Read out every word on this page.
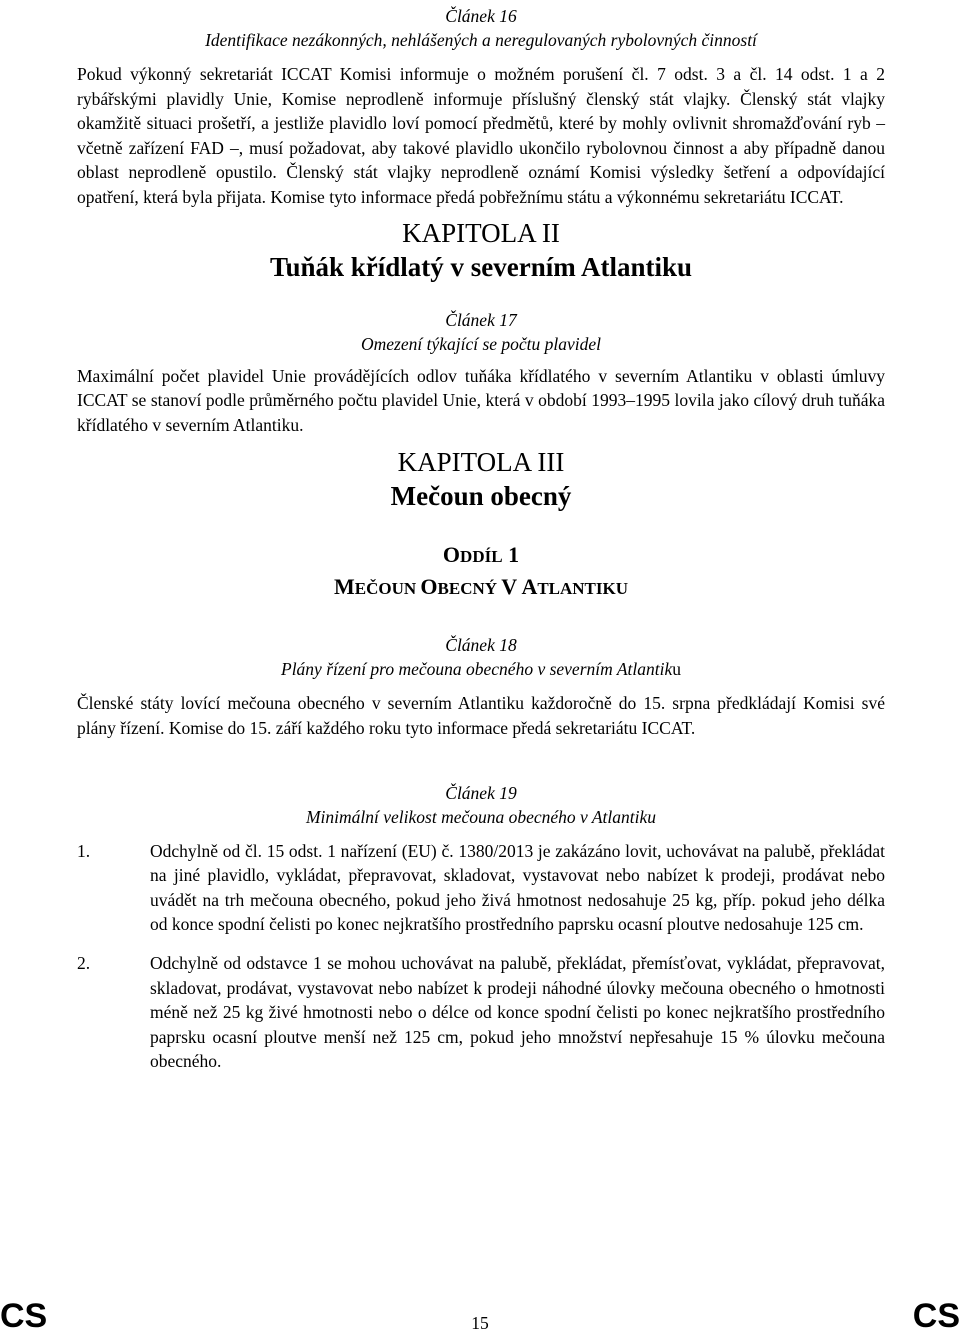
Článek 16
Identifikace nezákonných, nehlášených a neregulovaných rybolovných činností

Pokud výkonný sekretariát ICCAT Komisi informuje o možném porušení čl. 7 odst. 3 a čl. 14 odst. 1 a 2 rybářskými plavidly Unie, Komise neprodleně informuje příslušný členský stát vlajky. Členský stát vlajky okamžitě situaci prošetří, a jestliže plavidlo loví pomocí předmětů, které by mohly ovlivnit shromažďování ryb – včetně zařízení FAD –, musí požadovat, aby takové plavidlo ukončilo rybolovnou činnost a aby případně danou oblast neprodleně opustilo. Členský stát vlajky neprodleně oznámí Komisi výsledky šetření a odpovídající opatření, která byla přijata. Komise tyto informace předá pobřežnímu státu a výkonnému sekretariátu ICCAT.

KAPITOLA II
Tuňák křídlatý v severním Atlantiku
Článek 17
Omezení týkající se počtu plavidel

Maximální počet plavidel Unie provádějících odlov tuňáka křídlatého v severním Atlantiku v oblasti úmluvy ICCAT se stanoví podle průměrného počtu plavidel Unie, která v období 1993–1995 lovila jako cílový druh tuňáka křídlatého v severním Atlantiku.

KAPITOLA III
Mečoun obecný
ODDÍL 1
MEČOUN OBECNÝ V ATLANTIKU
Článek 18
Plány řízení pro mečouna obecného v severním Atlantiku

Členské státy lovící mečouna obecného v severním Atlantiku každoročně do 15. srpna předkládají Komisi své plány řízení. Komise do 15. září každého roku tyto informace předá sekretariátu ICCAT.

Článek 19
Minimální velikost mečouna obecného v Atlantiku
1.	Odchylně od čl. 15 odst. 1 nařízení (EU) č. 1380/2013 je zakázáno lovit, uchovávat na palubě, překládat na jiné plavidlo, vykládat, přepravovat, skladovat, vystavovat nebo nabízet k prodeji, prodávat nebo uvádět na trh mečouna obecného, pokud jeho živá hmotnost nedosahuje 25 kg, příp. pokud jeho délka od konce spodní čelisti po konec nejkratšího prostředního paprsku ocasní ploutve nedosahuje 125 cm.
2.	Odchylně od odstavce 1 se mohou uchovávat na palubě, překládat, přemísťovat, vykládat, přepravovat, skladovat, prodávat, vystavovat nebo nabízet k prodeji náhodné úlovky mečouna obecného o hmotnosti méně než 25 kg živé hmotnosti nebo o délce od konce spodní čelisti po konec nejkratšího prostředního paprsku ocasní ploutve menší než 125 cm, pokud jeho množství nepřesahuje 15 % úlovku mečouna obecného.
CS	15	CS
